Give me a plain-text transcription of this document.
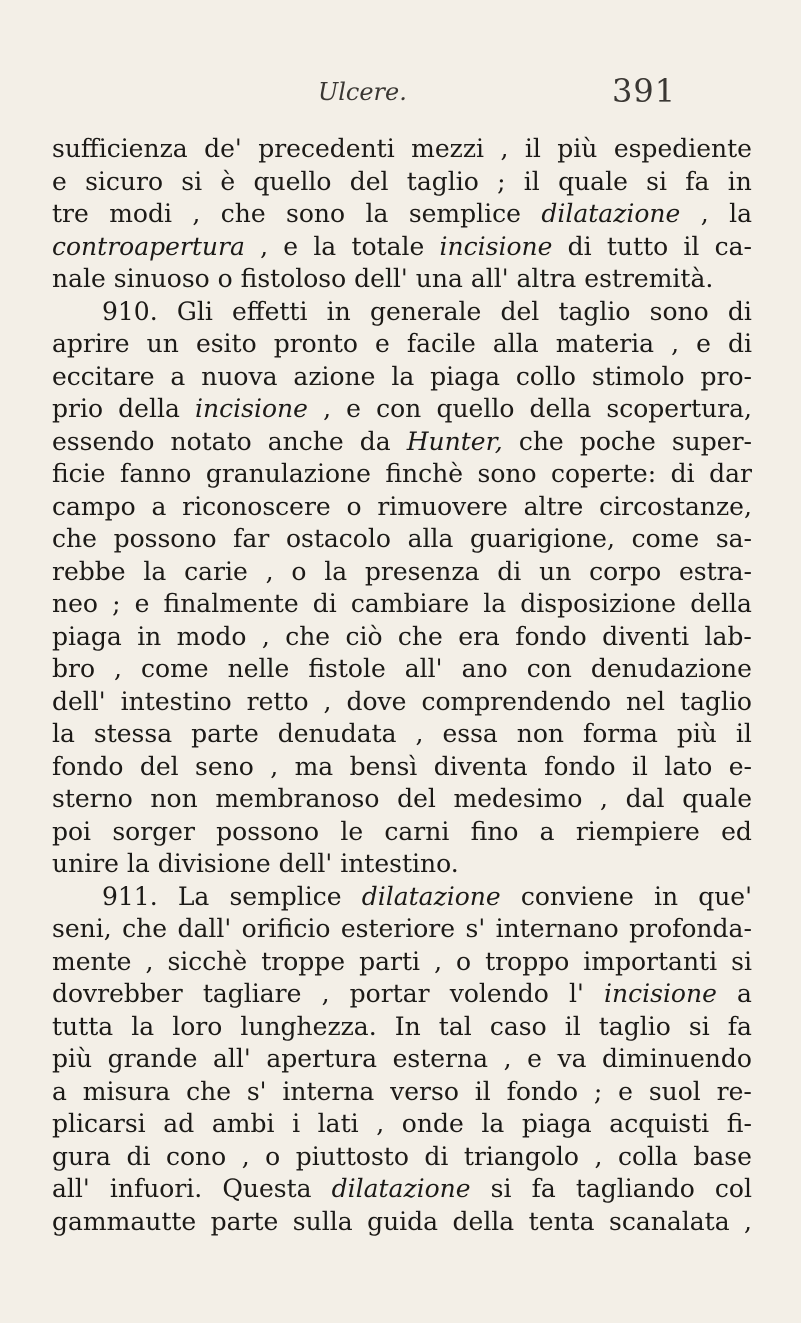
Ulcere.	391
sufficienza de' precedenti mezzi , il più espediente
e sicuro si è quello del taglio ; il quale si fa in
tre modi , che sono la semplice dilatazione , la
controapertura , e la totale incisione di tutto il ca-
nale sinuoso o fistoloso dell' una all' altra estremità.
910. Gli effetti in generale del taglio sono di
aprire un esito pronto e facile alla materia , e di
eccitare a nuova azione la piaga collo stimolo pro-
prio della incisione , e con quello della scopertura,
essendo notato anche da Hunter, che poche super-
ficie fanno granulazione finchè sono coperte: di dar
campo a riconoscere o rimuovere altre circostanze,
che possono far ostacolo alla guarigione, come sa-
rebbe la carie , o la presenza di un corpo estra-
neo ; e finalmente di cambiare la disposizione della
piaga in modo , che ciò che era fondo diventi lab-
bro , come nelle fistole all' ano con denudazione
dell' intestino retto , dove comprendendo nel taglio
la stessa parte denudata , essa non forma più il
fondo del seno , ma bensì diventa fondo il lato e-
sterno non membranoso del medesimo , dal quale
poi sorger possono le carni fino a riempiere ed
unire la divisione dell' intestino.
911. La semplice dilatazione conviene in que'
seni, che dall' orificio esteriore s' internano profonda-
mente , sicchè troppe parti , o troppo importanti si
dovrebber tagliare , portar volendo l' incisione a
tutta la loro lunghezza. In tal caso il taglio si fa
più grande all' apertura esterna , e va diminuendo
a misura che s' interna verso il fondo ; e suol re-
plicarsi ad ambi i lati , onde la piaga acquisti fi-
gura di cono , o piuttosto di triangolo , colla base
all' infuori. Questa dilatazione si fa tagliando col
gammautte parte sulla guida della tenta scanalata ,
